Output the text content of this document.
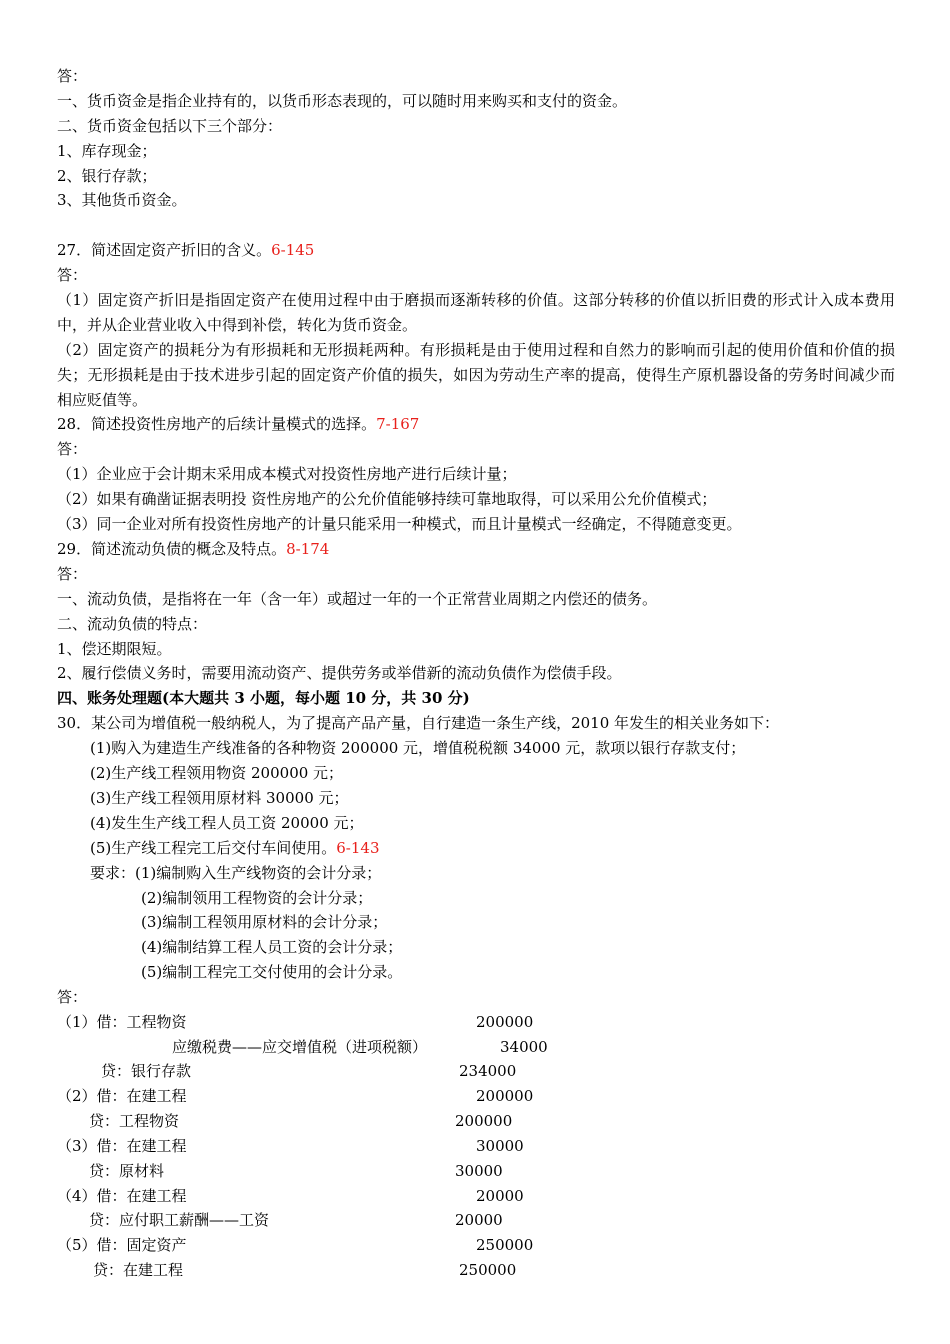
答：
一、货币资金是指企业持有的，以货币形态表现的，可以随时用来购买和支付的资金。
二、货币资金包括以下三个部分：
1、库存现金；
2、银行存款；
3、其他货币资金。
27．简述固定资产折旧的含义。6-145
答：
（1）固定资产折旧是指固定资产在使用过程中由于磨损而逐渐转移的价值。这部分转移的价值以折旧费的形式计入成本费用中，并从企业营业收入中得到补偿，转化为货币资金。
（2）固定资产的损耗分为有形损耗和无形损耗两种。有形损耗是由于使用过程和自然力的影响而引起的使用价值和价值的损失；无形损耗是由于技术进步引起的固定资产价值的损失，如因为劳动生产率的提高，使得生产原机器设备的劳务时间减少而相应贬值等。
28．简述投资性房地产的后续计量模式的选择。7-167
答：
（1）企业应于会计期末采用成本模式对投资性房地产进行后续计量；
（2）如果有确凿证据表明投 资性房地产的公允价值能够持续可靠地取得，可以采用公允价值模式；
（3）同一企业对所有投资性房地产的计量只能采用一种模式，而且计量模式一经确定，不得随意变更。
29．简述流动负债的概念及特点。8-174
答：
一、流动负债，是指将在一年（含一年）或超过一年的一个正常营业周期之内偿还的债务。
二、流动负债的特点：
1、偿还期限短。
2、履行偿债义务时，需要用流动资产、提供劳务或举借新的流动负债作为偿债手段。
四、账务处理题(本大题共 3 小题，每小题 10 分，共 30 分)
30．某公司为增值税一般纳税人，为了提高产品产量，自行建造一条生产线，2010 年发生的相关业务如下：
(1)购入为建造生产线准备的各种物资 200000 元，增值税税额 34000 元，款项以银行存款支付；
(2)生产线工程领用物资 200000 元；
(3)生产线工程领用原材料 30000 元；
(4)发生生产线工程人员工资 20000 元；
(5)生产线工程完工后交付车间使用。6-143
要求：(1)编制购入生产线物资的会计分录；
(2)编制领用工程物资的会计分录；
(3)编制工程领用原材料的会计分录；
(4)编制结算工程人员工资的会计分录；
(5)编制工程完工交付使用的会计分录。
答：
（1）借：工程物资	200000
应缴税费——应交增值税（进项税额）	34000
贷：银行存款	234000
（2）借：在建工程	200000
贷：工程物资	200000
（3）借：在建工程	30000
贷：原材料	30000
（4）借：在建工程	20000
贷：应付职工薪酬——工资	20000
（5）借：固定资产	250000
贷：在建工程	250000
